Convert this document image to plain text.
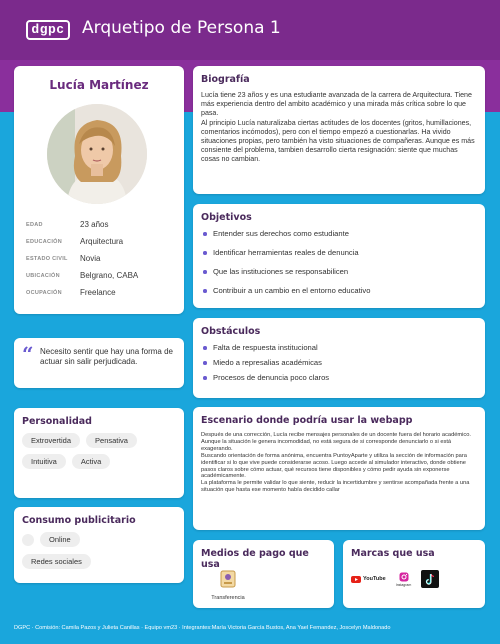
dgpc	Arquetipo de Persona 1
Lucía Martínez
EDAD	23 años
EDUCACIÓN	Arquitectura
ESTADO CIVIL	Novia
UBICACIÓN	Belgrano, CABA
OCUPACIÓN	Freelance
“ Necesito sentir que hay una forma de actuar sin salir perjudicada.
Biografía

Lucía tiene 23 años y es una estudiante avanzada de la carrera de Arquitectura. Tiene más experiencia dentro del ambito académico y una mirada más crítica sobre lo que pasa.

Al principio Lucía naturalizaba ciertas actitudes de los docentes (gritos, humillaciones, comentarios incómodos), pero con el tiempo empezó a cuestionarlas. Ha vivido situaciones propias, pero también ha visto situaciones de compañeras. Aunque es más consiente del problema, tambien desarrollo cierta resignación: siente que muchas cosas no cambian.

Objetivos
Entender sus derechos como estudiante
Identificar herramientas reales de denuncia
Que las instituciones se responsabilicen
Contribuir a un cambio en el entorno educativo
Obstáculos
Falta de respuesta institucional
Miedo a represalias académicas
Procesos de denuncia poco claros
Escenario donde podría usar la webapp

Después de una corrección, Lucía recibe mensajes personales de un docente fuera del horario académico. Aunque la situación le genera incomodidad, no está segura de si corresponde denunciarlo o si está exagerando.

Buscando orientación de forma anónima, encuentra PuntoyAparte y utiliza la sección de información para identificar si lo que vive puede considerarse acoso. Luego accede al simulador interactivo, donde obtiene pasos claros sobre cómo actuar, qué recursos tiene disponibles y cómo pedir ayuda sin exponerse académicamente.

La plataforma le permite validar lo que siente, reducir la incertidumbre y sentirse acompañada frente a una situación que hasta ese momento había decidido callar

Personalidad
Extrovertida	Pensativa
Intuitiva	Activa
Consumo publicitario
Online
Redes sociales
Medios de pago que usa
Transferencia
Marcas que usa
YouTube
Instagram
DGPC · Comisión: Camila Pazos y Julieta Canillas · Equipo vm23 · Integrantes:María Victoria García Bustos, Ana Yael Fernandez, Joscelyn Maldonado
